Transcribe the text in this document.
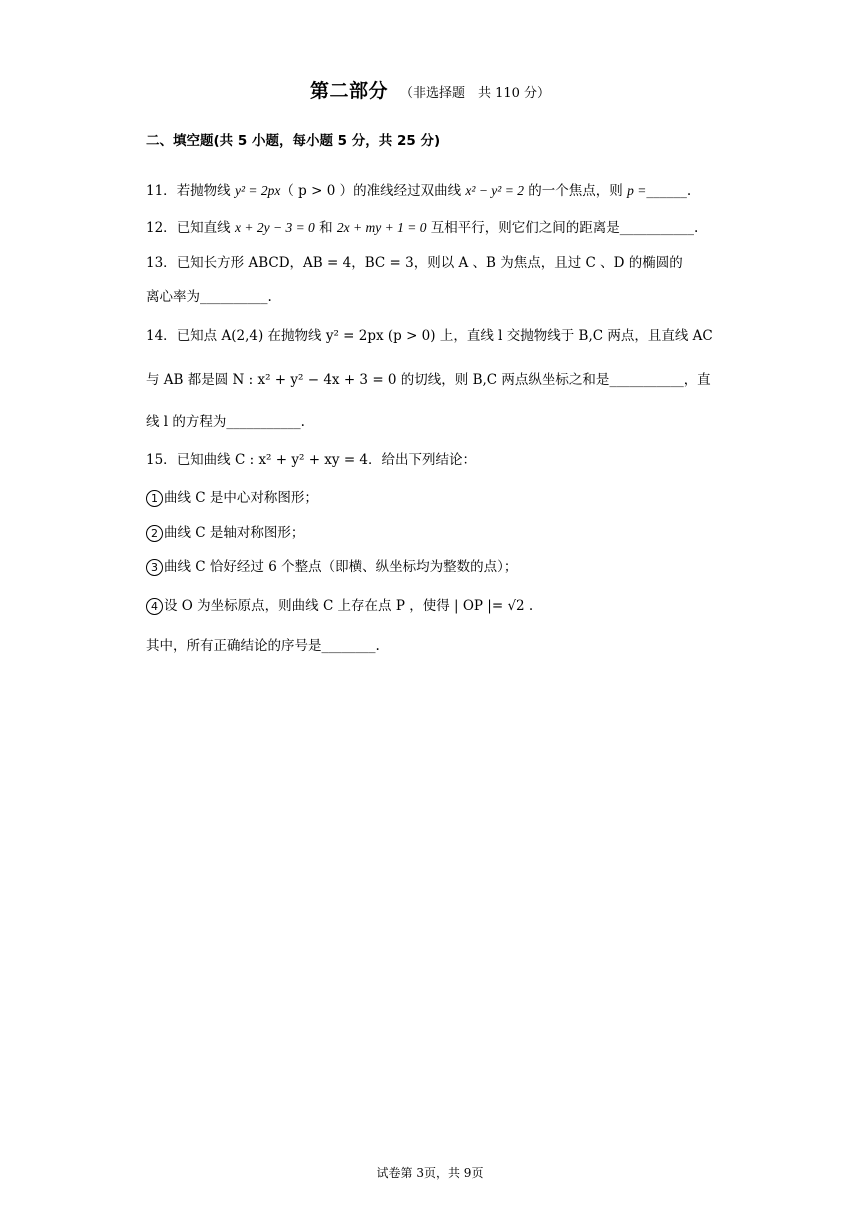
第二部分 （非选择题　共 110 分）
二、填空题(共 5 小题，每小题 5 分，共 25 分)
11．若抛物线 y² = 2px（ p > 0 ）的准线经过双曲线 x² − y² = 2 的一个焦点，则 p =______.
12．已知直线 x + 2y − 3 = 0 和 2x + my + 1 = 0 互相平行，则它们之间的距离是___________.
13．已知长方形 ABCD，AB = 4，BC = 3，则以 A 、B 为焦点，且过 C 、D 的椭圆的
离心率为__________.
14．已知点 A(2,4) 在抛物线 y² = 2px (p > 0) 上，直线 l 交抛物线于 B,C 两点，且直线 AC
与 AB 都是圆 N : x² + y² − 4x + 3 = 0 的切线，则 B,C 两点纵坐标之和是___________，直
线 l 的方程为___________.
15．已知曲线 C : x² + y² + xy = 4．给出下列结论：
1 曲线 C 是中心对称图形；
2 曲线 C 是轴对称图形；
3 曲线 C 恰好经过 6 个整点（即横、纵坐标均为整数的点）；
4 设 O 为坐标原点，则曲线 C 上存在点 P ，使得 | OP |= √2 .
其中，所有正确结论的序号是________.
试卷第 3页，共 9页
